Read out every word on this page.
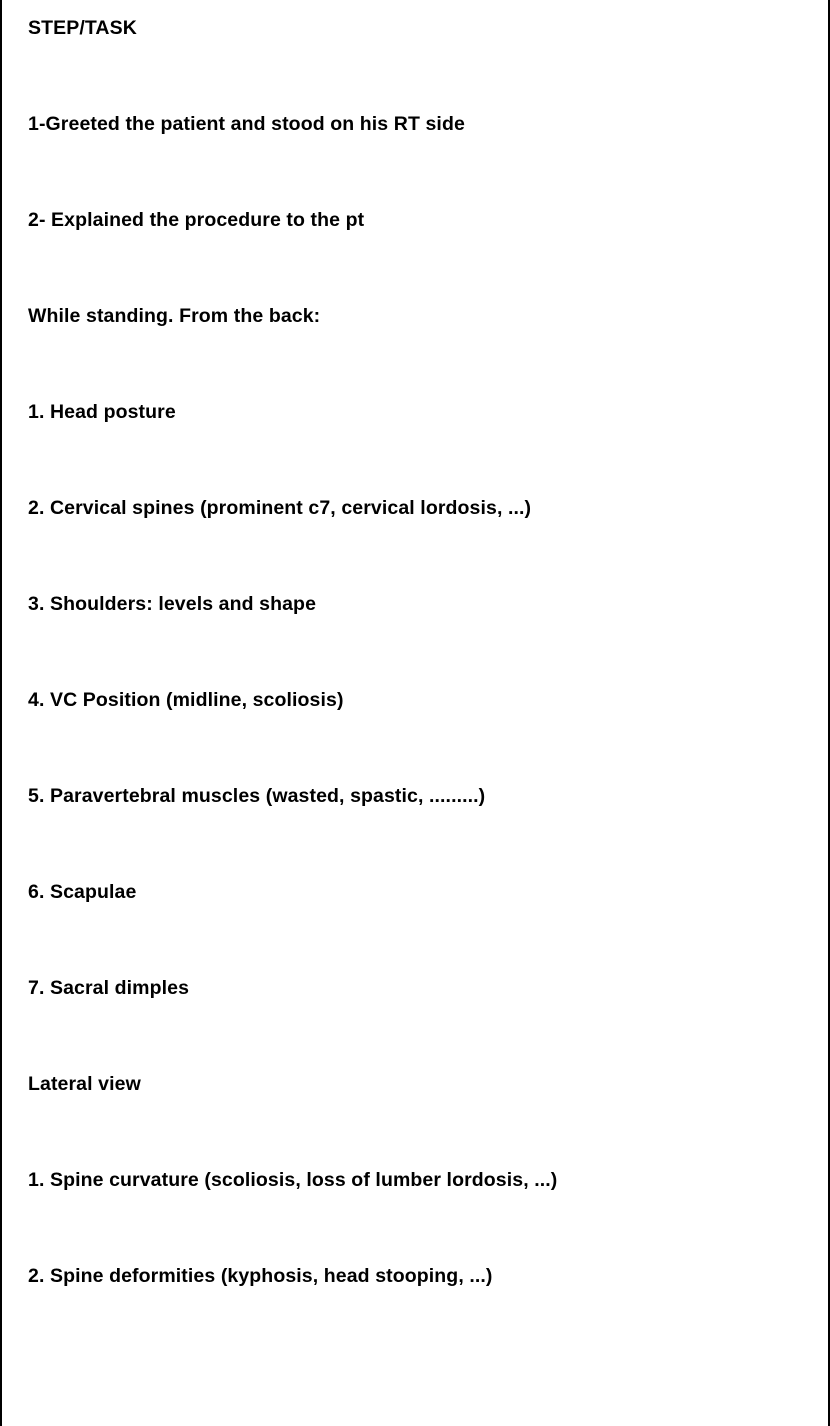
STEP/TASK
1-Greeted the patient and stood on his RT side
2- Explained the procedure to the pt
While standing. From the back:
1. Head posture
2. Cervical spines (prominent c7, cervical lordosis, ...)
3. Shoulders: levels and shape
4. VC Position (midline, scoliosis)
5. Paravertebral muscles (wasted, spastic, .........)
6. Scapulae
7. Sacral dimples
Lateral view
1. Spine curvature (scoliosis, loss of lumber lordosis, ...)
2. Spine deformities (kyphosis, head stooping, ...)
